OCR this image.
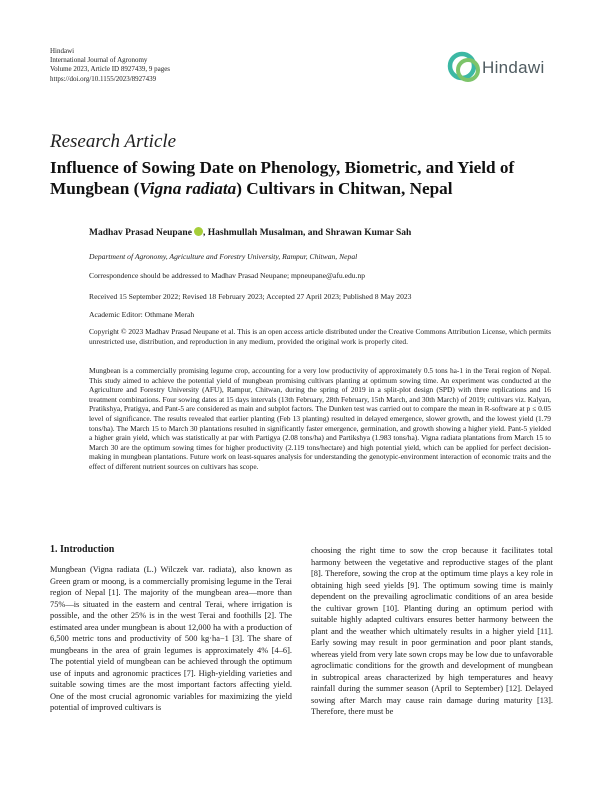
Hindawi
International Journal of Agronomy
Volume 2023, Article ID 8927439, 9 pages
https://doi.org/10.1155/2023/8927439
Hindawi
Research Article
Influence of Sowing Date on Phenology, Biometric, and Yield of Mungbean (Vigna radiata) Cultivars in Chitwan, Nepal
Madhav Prasad Neupane , Hashmullah Musalman, and Shrawan Kumar Sah
Department of Agronomy, Agriculture and Forestry University, Rampur, Chitwan, Nepal
Correspondence should be addressed to Madhav Prasad Neupane; mpneupane@afu.edu.np
Received 15 September 2022; Revised 18 February 2023; Accepted 27 April 2023; Published 8 May 2023
Academic Editor: Othmane Merah
Copyright © 2023 Madhav Prasad Neupane et al. This is an open access article distributed under the Creative Commons Attribution License, which permits unrestricted use, distribution, and reproduction in any medium, provided the original work is properly cited.
Mungbean is a commercially promising legume crop, accounting for a very low productivity of approximately 0.5 tons ha-1 in the Terai region of Nepal. This study aimed to achieve the potential yield of mungbean promising cultivars planting at optimum sowing time. An experiment was conducted at the Agriculture and Forestry University (AFU), Rampur, Chitwan, during the spring of 2019 in a split-plot design (SPD) with three replications and 16 treatment combinations. Four sowing dates at 15 days intervals (13th February, 28th February, 15th March, and 30th March) of 2019; cultivars viz. Kalyan, Pratikshya, Pratigya, and Pant-5 are considered as main and subplot factors. The Dunken test was carried out to compare the mean in R-software at p ≤ 0.05 level of significance. The results revealed that earlier planting (Feb 13 planting) resulted in delayed emergence, slower growth, and the lowest yield (1.79 tons/ha). The March 15 to March 30 plantations resulted in significantly faster emergence, germination, and growth showing a higher yield. Pant-5 yielded a higher grain yield, which was statistically at par with Partigya (2.08 tons/ha) and Partikshya (1.983 tons/ha). Vigna radiata plantations from March 15 to March 30 are the optimum sowing times for higher productivity (2.119 tons/hectare) and high potential yield, which can be applied for perfect decision-making in mungbean plantations. Future work on least-squares analysis for understanding the genotypic-environment interaction of economic traits and the effect of different nutrient sources on cultivars has scope.
1. Introduction
Mungbean (Vigna radiata (L.) Wilczek var. radiata), also known as Green gram or moong, is a commercially promising legume in the Terai region of Nepal [1]. The majority of the mungbean area—more than 75%—is situated in the eastern and central Terai, where irrigation is possible, and the other 25% is in the west Terai and foothills [2]. The estimated area under mungbean is about 12,000 ha with a production of 6,500 metric tons and productivity of 500 kg·ha−1 [3]. The share of mungbeans in the area of grain legumes is approximately 4% [4–6]. The potential yield of mungbean can be achieved through the optimum use of inputs and agronomic practices [7]. High-yielding varieties and suitable sowing times are the most important factors affecting yield. One of the most crucial agronomic variables for maximizing the yield potential of improved cultivars is
choosing the right time to sow the crop because it facilitates total harmony between the vegetative and reproductive stages of the plant [8]. Therefore, sowing the crop at the optimum time plays a key role in obtaining high seed yields [9]. The optimum sowing time is mainly dependent on the prevailing agroclimatic conditions of an area beside the cultivar grown [10]. Planting during an optimum period with suitable highly adapted cultivars ensures better harmony between the plant and the weather which ultimately results in a higher yield [11]. Early sowing may result in poor germination and poor plant stands, whereas yield from very late sown crops may be low due to unfavorable agroclimatic conditions for the growth and development of mungbean in subtropical areas characterized by high temperatures and heavy rainfall during the summer season (April to September) [12]. Delayed sowing after March may cause rain damage during maturity [13]. Therefore, there must be
